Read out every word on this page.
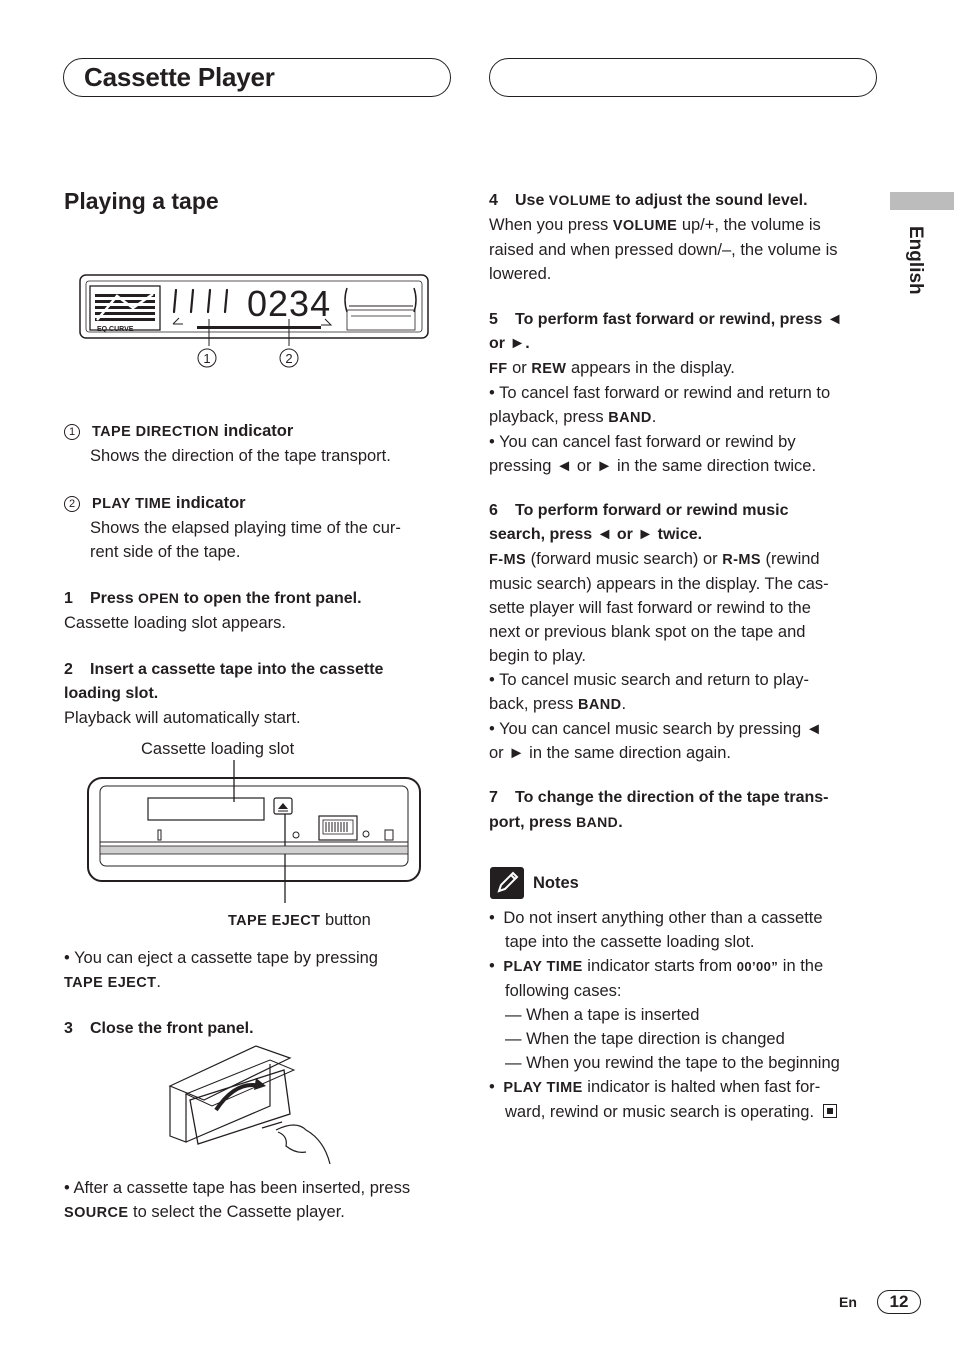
Cassette Player
English
Playing a tape
EQ CURVE
0234
1	2

1 TAPE DIRECTION indicator

Shows the direction of the tape transport.

2 PLAY TIME indicator

Shows the elapsed playing time of the cur-

rent side of the tape.

1 Press OPEN to open the front panel.

Cassette loading slot appears.

2 Insert a cassette tape into the cassette

loading slot.

Playback will automatically start.

Cassette loading slot
TAPE EJECT button

• You can eject a cassette tape by pressing

TAPE EJECT.

3 Close the front panel.

• After a cassette tape has been inserted, press

SOURCE to select the Cassette player.

4 Use VOLUME to adjust the sound level.

When you press VOLUME up/+, the volume is

raised and when pressed down/–, the volume is

lowered.

5 To perform fast forward or rewind, press ◄

or ►.

FF or REW appears in the display.

• To cancel fast forward or rewind and return to

playback, press BAND.

• You can cancel fast forward or rewind by

pressing ◄ or ► in the same direction twice.

6 To perform forward or rewind music

search, press ◄ or ► twice.

F-MS (forward music search) or R-MS (rewind

music search) appears in the display. The cas-

sette player will fast forward or rewind to the

next or previous blank spot on the tape and

begin to play.

• To cancel music search and return to play-

back, press BAND.

• You can cancel music search by pressing ◄

or ► in the same direction again.

7 To change the direction of the tape trans-

port, press BAND.

Notes

• Do not insert anything other than a cassette

tape into the cassette loading slot.

• PLAY TIME indicator starts from 00’00” in the

following cases:

— When a tape is inserted

— When the tape direction is changed

— When you rewind the tape to the beginning

• PLAY TIME indicator is halted when fast for-

ward, rewind or music search is operating.

En	12
